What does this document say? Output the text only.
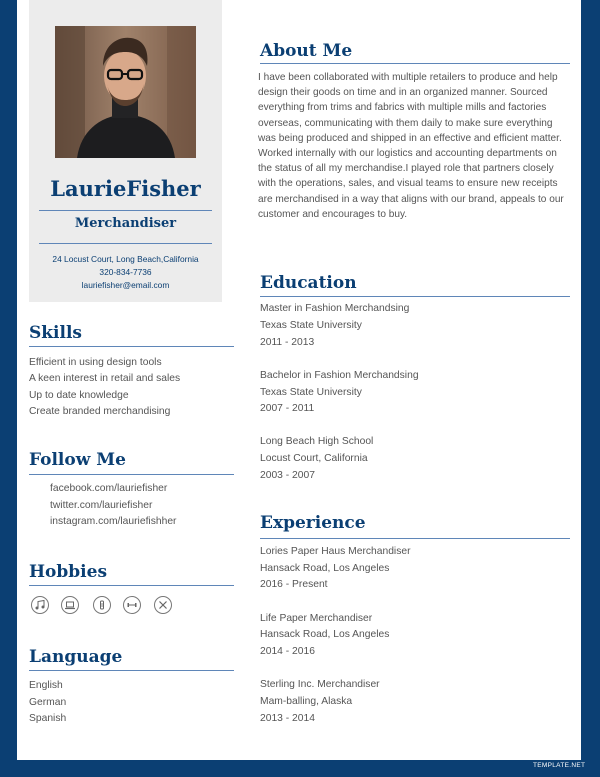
LaurieFisher
Merchandiser
24 Locust Court, Long Beach,California
320-834-7736
lauriefisher@email.com
Skills
Efficient in using design tools
A keen interest in retail and sales
Up to date knowledge
Create branded merchandising
Follow Me
facebook.com/lauriefisher
twitter.com/lauriefisher
instagram.com/lauriefishher
Hobbies
Language
English
German
Spanish
About Me
I have been collaborated with multiple retailers to produce and help design their goods on time and in an organized manner. Sourced everything from trims and fabrics with multiple mills and factories overseas, communicating with them daily to make sure everything was being produced and shipped in an effective and efficient matter. Worked internally with our logistics and accounting departments on the status of all my merchandise.I played role that partners closely with the operations, sales, and visual teams to ensure new receipts are merchandised in a way that aligns with our brand, appeals to our customer and encourages to buy.
Education
Master in Fashion Merchandsing
Texas State University
2011 - 2013
Bachelor in Fashion Merchandsing
Texas State University
2007 - 2011
Long Beach High School
Locust Court, California
2003 - 2007
Experience
Lories Paper Haus Merchandiser
Hansack Road, Los Angeles
2016 - Present
Life Paper Merchandiser
Hansack Road, Los Angeles
2014 - 2016
Sterling Inc. Merchandiser
Mam-balling, Alaska
2013 - 2014
TEMPLATE.NET
